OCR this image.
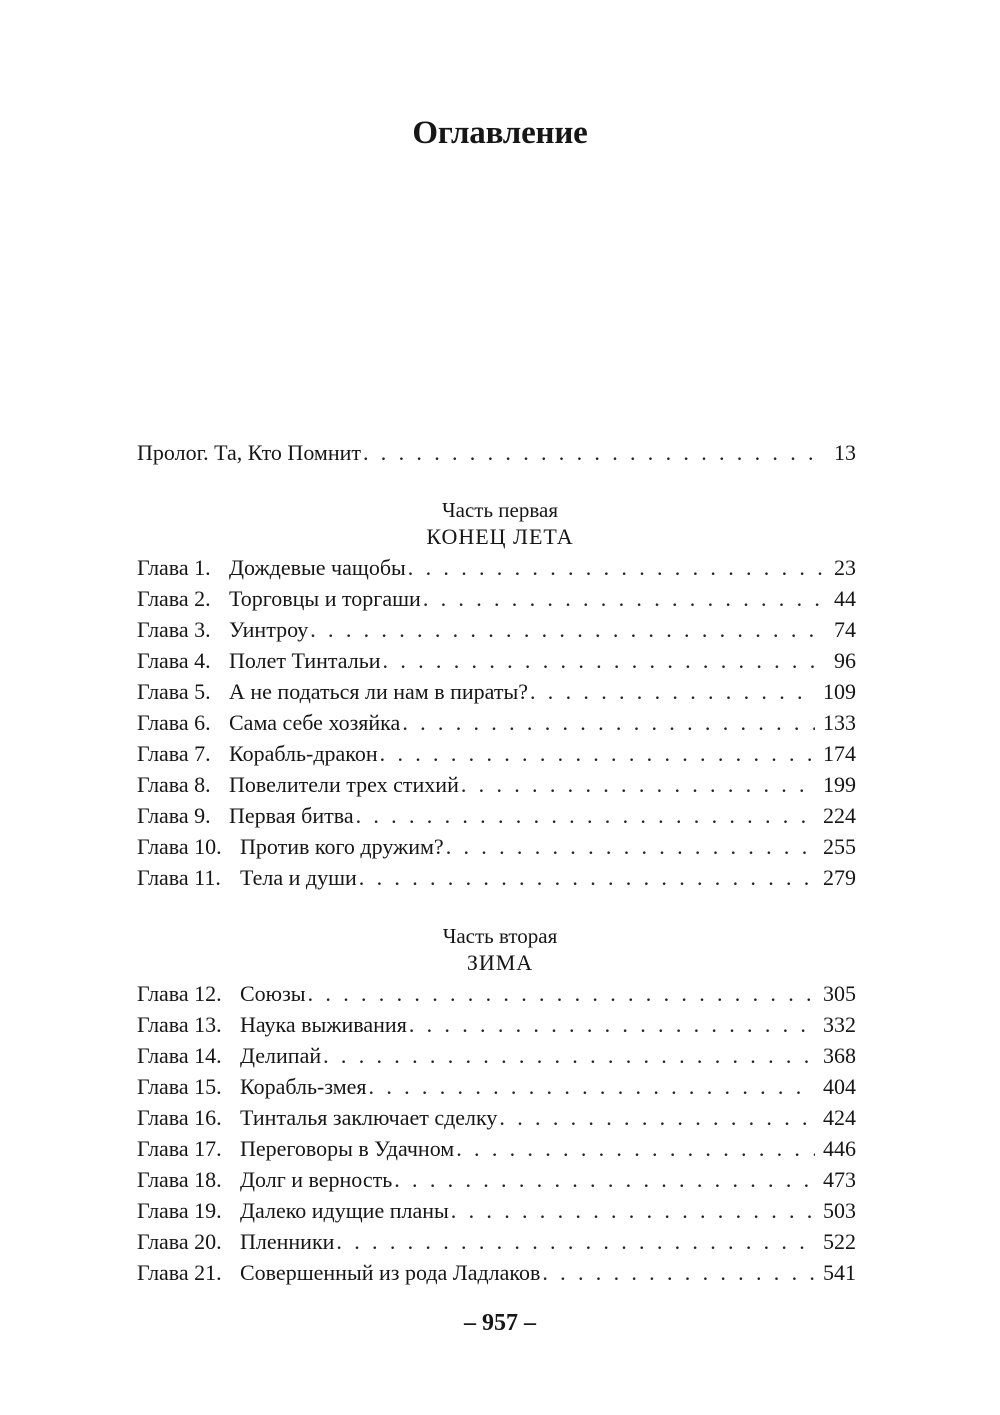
Оглавление
Пролог. Та, Кто Помнит . . .	13
Часть первая
КОНЕЦ ЛЕТА
Глава 1. Дождевые чащобы . . .	23
Глава 2. Торговцы и торгаши . . .	44
Глава 3. Уинтроу . . .	74
Глава 4. Полет Тинтальи . . .	96
Глава 5. А не податься ли нам в пираты? . . .	109
Глава 6. Сама себе хозяйка . . .	133
Глава 7. Корабль-дракон . . .	174
Глава 8. Повелители трех стихий . . .	199
Глава 9. Первая битва . . .	224
Глава 10. Против кого дружим? . . .	255
Глава 11. Тела и души . . .	279
Часть вторая
ЗИМА
Глава 12. Союзы . . .	305
Глава 13. Наука выживания . . .	332
Глава 14. Делипай . . .	368
Глава 15. Корабль-змея . . .	404
Глава 16. Тинталья заключает сделку . . .	424
Глава 17. Переговоры в Удачном . . .	446
Глава 18. Долг и верность . . .	473
Глава 19. Далеко идущие планы . . .	503
Глава 20. Пленники . . .	522
Глава 21. Совершенный из рода Ладлаков . . .	541
– 957 –
